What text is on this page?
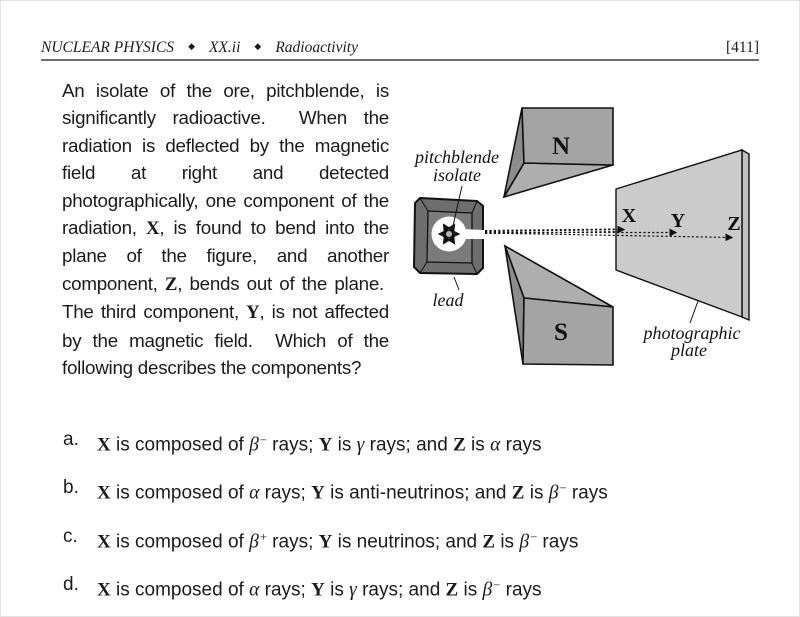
NUCLEAR PHYSICS ◆ XX.ii ◆ Radioactivity	[411]
An isolate of the ore, pitchblende, is significantly radioactive.  When the radiation is deflected by the magnetic field at right and detected photographically, one component of the radiation, X, is found to bend into the plane of the figure, and another component, Z, bends out of the plane.  The third component, Y, is not affected by the magnetic field.  Which of the following describes the components?
N
S
X Y Z
pitchblende
isolate
lead
photographic
plate
a. X is composed of β− rays; Y is γ rays; and Z is α rays
b. X is composed of α rays; Y is anti-neutrinos; and Z is β− rays
c.	X is composed of β+ rays; Y is neutrinos; and Z is β− rays
d. X is composed of α rays; Y is γ rays; and Z is β− rays
